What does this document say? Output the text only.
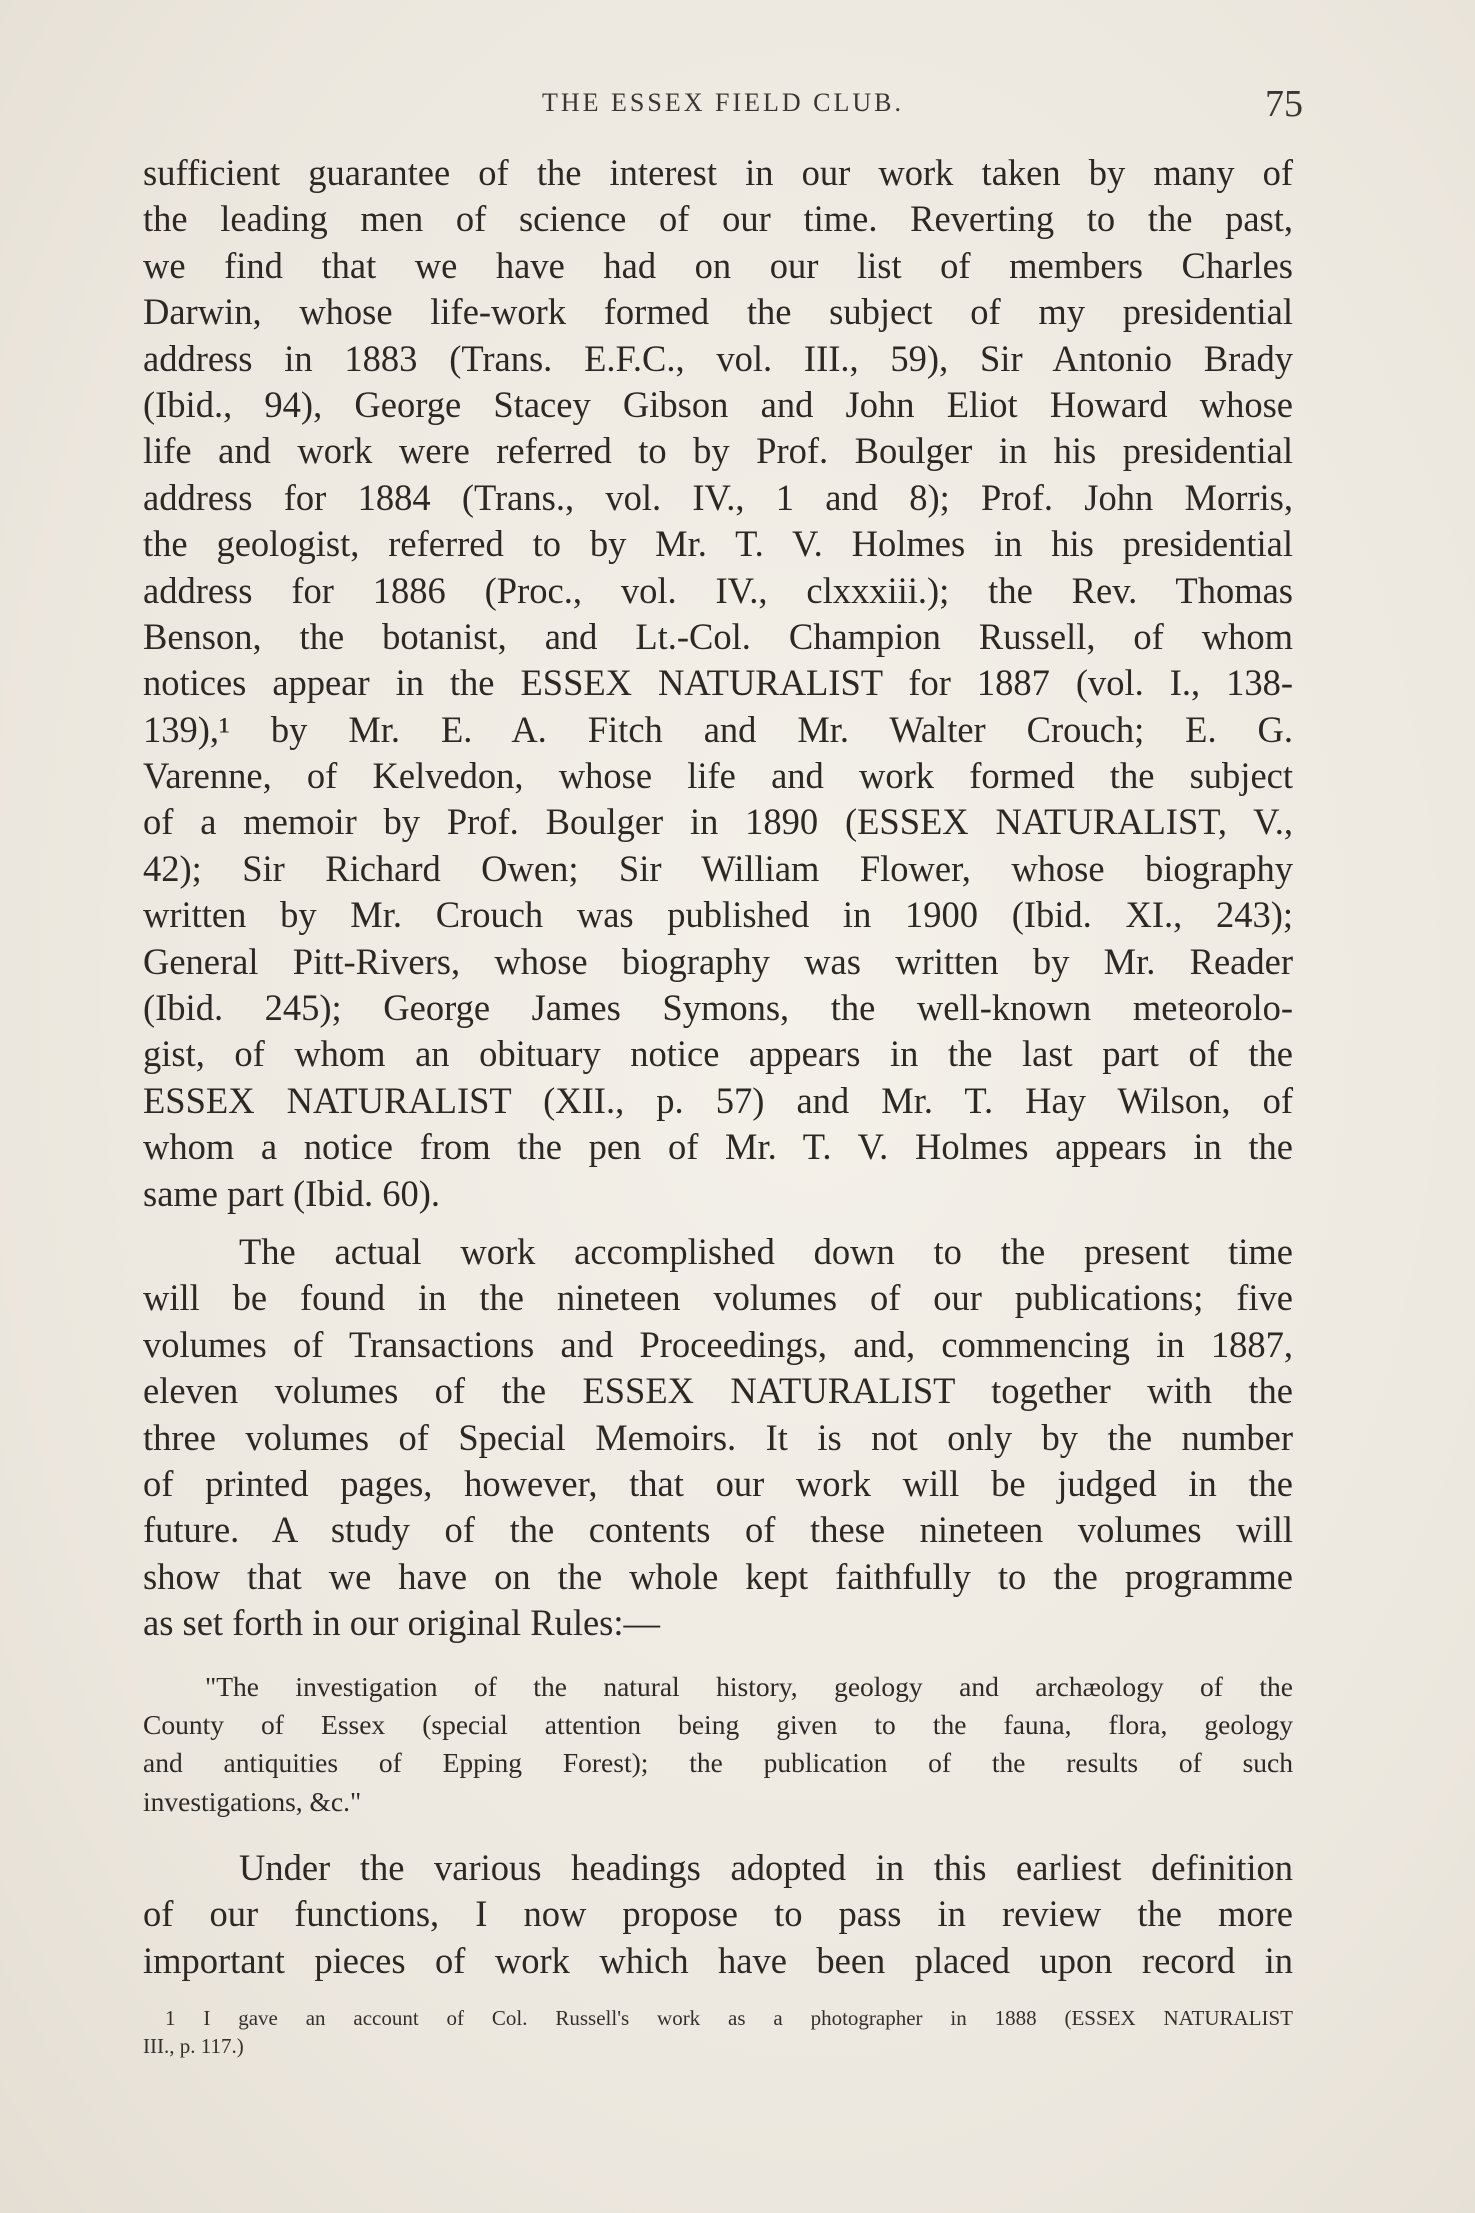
THE ESSEX FIELD CLUB.	75
sufficient guarantee of the interest in our work taken by many of
the leading men of science of our time. Reverting to the past,
we find that we have had on our list of members Charles
Darwin, whose life-work formed the subject of my presidential
address in 1883 (Trans. E.F.C., vol. III., 59), Sir Antonio Brady
(Ibid., 94), George Stacey Gibson and John Eliot Howard whose
life and work were referred to by Prof. Boulger in his presidential
address for 1884 (Trans., vol. IV., 1 and 8); Prof. John Morris,
the geologist, referred to by Mr. T. V. Holmes in his presidential
address for 1886 (Proc., vol. IV., clxxxiii.); the Rev. Thomas
Benson, the botanist, and Lt.-Col. Champion Russell, of whom
notices appear in the ESSEX NATURALIST for 1887 (vol. I., 138-
139),¹ by Mr. E. A. Fitch and Mr. Walter Crouch; E. G.
Varenne, of Kelvedon, whose life and work formed the subject
of a memoir by Prof. Boulger in 1890 (ESSEX NATURALIST, V.,
42); Sir Richard Owen; Sir William Flower, whose biography
written by Mr. Crouch was published in 1900 (Ibid. XI., 243);
General Pitt-Rivers, whose biography was written by Mr. Reader
(Ibid. 245); George James Symons, the well-known meteorolo-
gist, of whom an obituary notice appears in the last part of the
ESSEX NATURALIST (XII., p. 57) and Mr. T. Hay Wilson, of
whom a notice from the pen of Mr. T. V. Holmes appears in the
same part (Ibid. 60).
The actual work accomplished down to the present time
will be found in the nineteen volumes of our publications; five
volumes of Transactions and Proceedings, and, commencing in 1887,
eleven volumes of the ESSEX NATURALIST together with the
three volumes of Special Memoirs. It is not only by the number
of printed pages, however, that our work will be judged in the
future. A study of the contents of these nineteen volumes will
show that we have on the whole kept faithfully to the programme
as set forth in our original Rules:—
"The investigation of the natural history, geology and archæology of the
County of Essex (special attention being given to the fauna, flora, geology
and antiquities of Epping Forest); the publication of the results of such
investigations, &c."
Under the various headings adopted in this earliest definition
of our functions, I now propose to pass in review the more
important pieces of work which have been placed upon record in
1 I gave an account of Col. Russell's work as a photographer in 1888 (ESSEX NATURALIST
III., p. 117.)
